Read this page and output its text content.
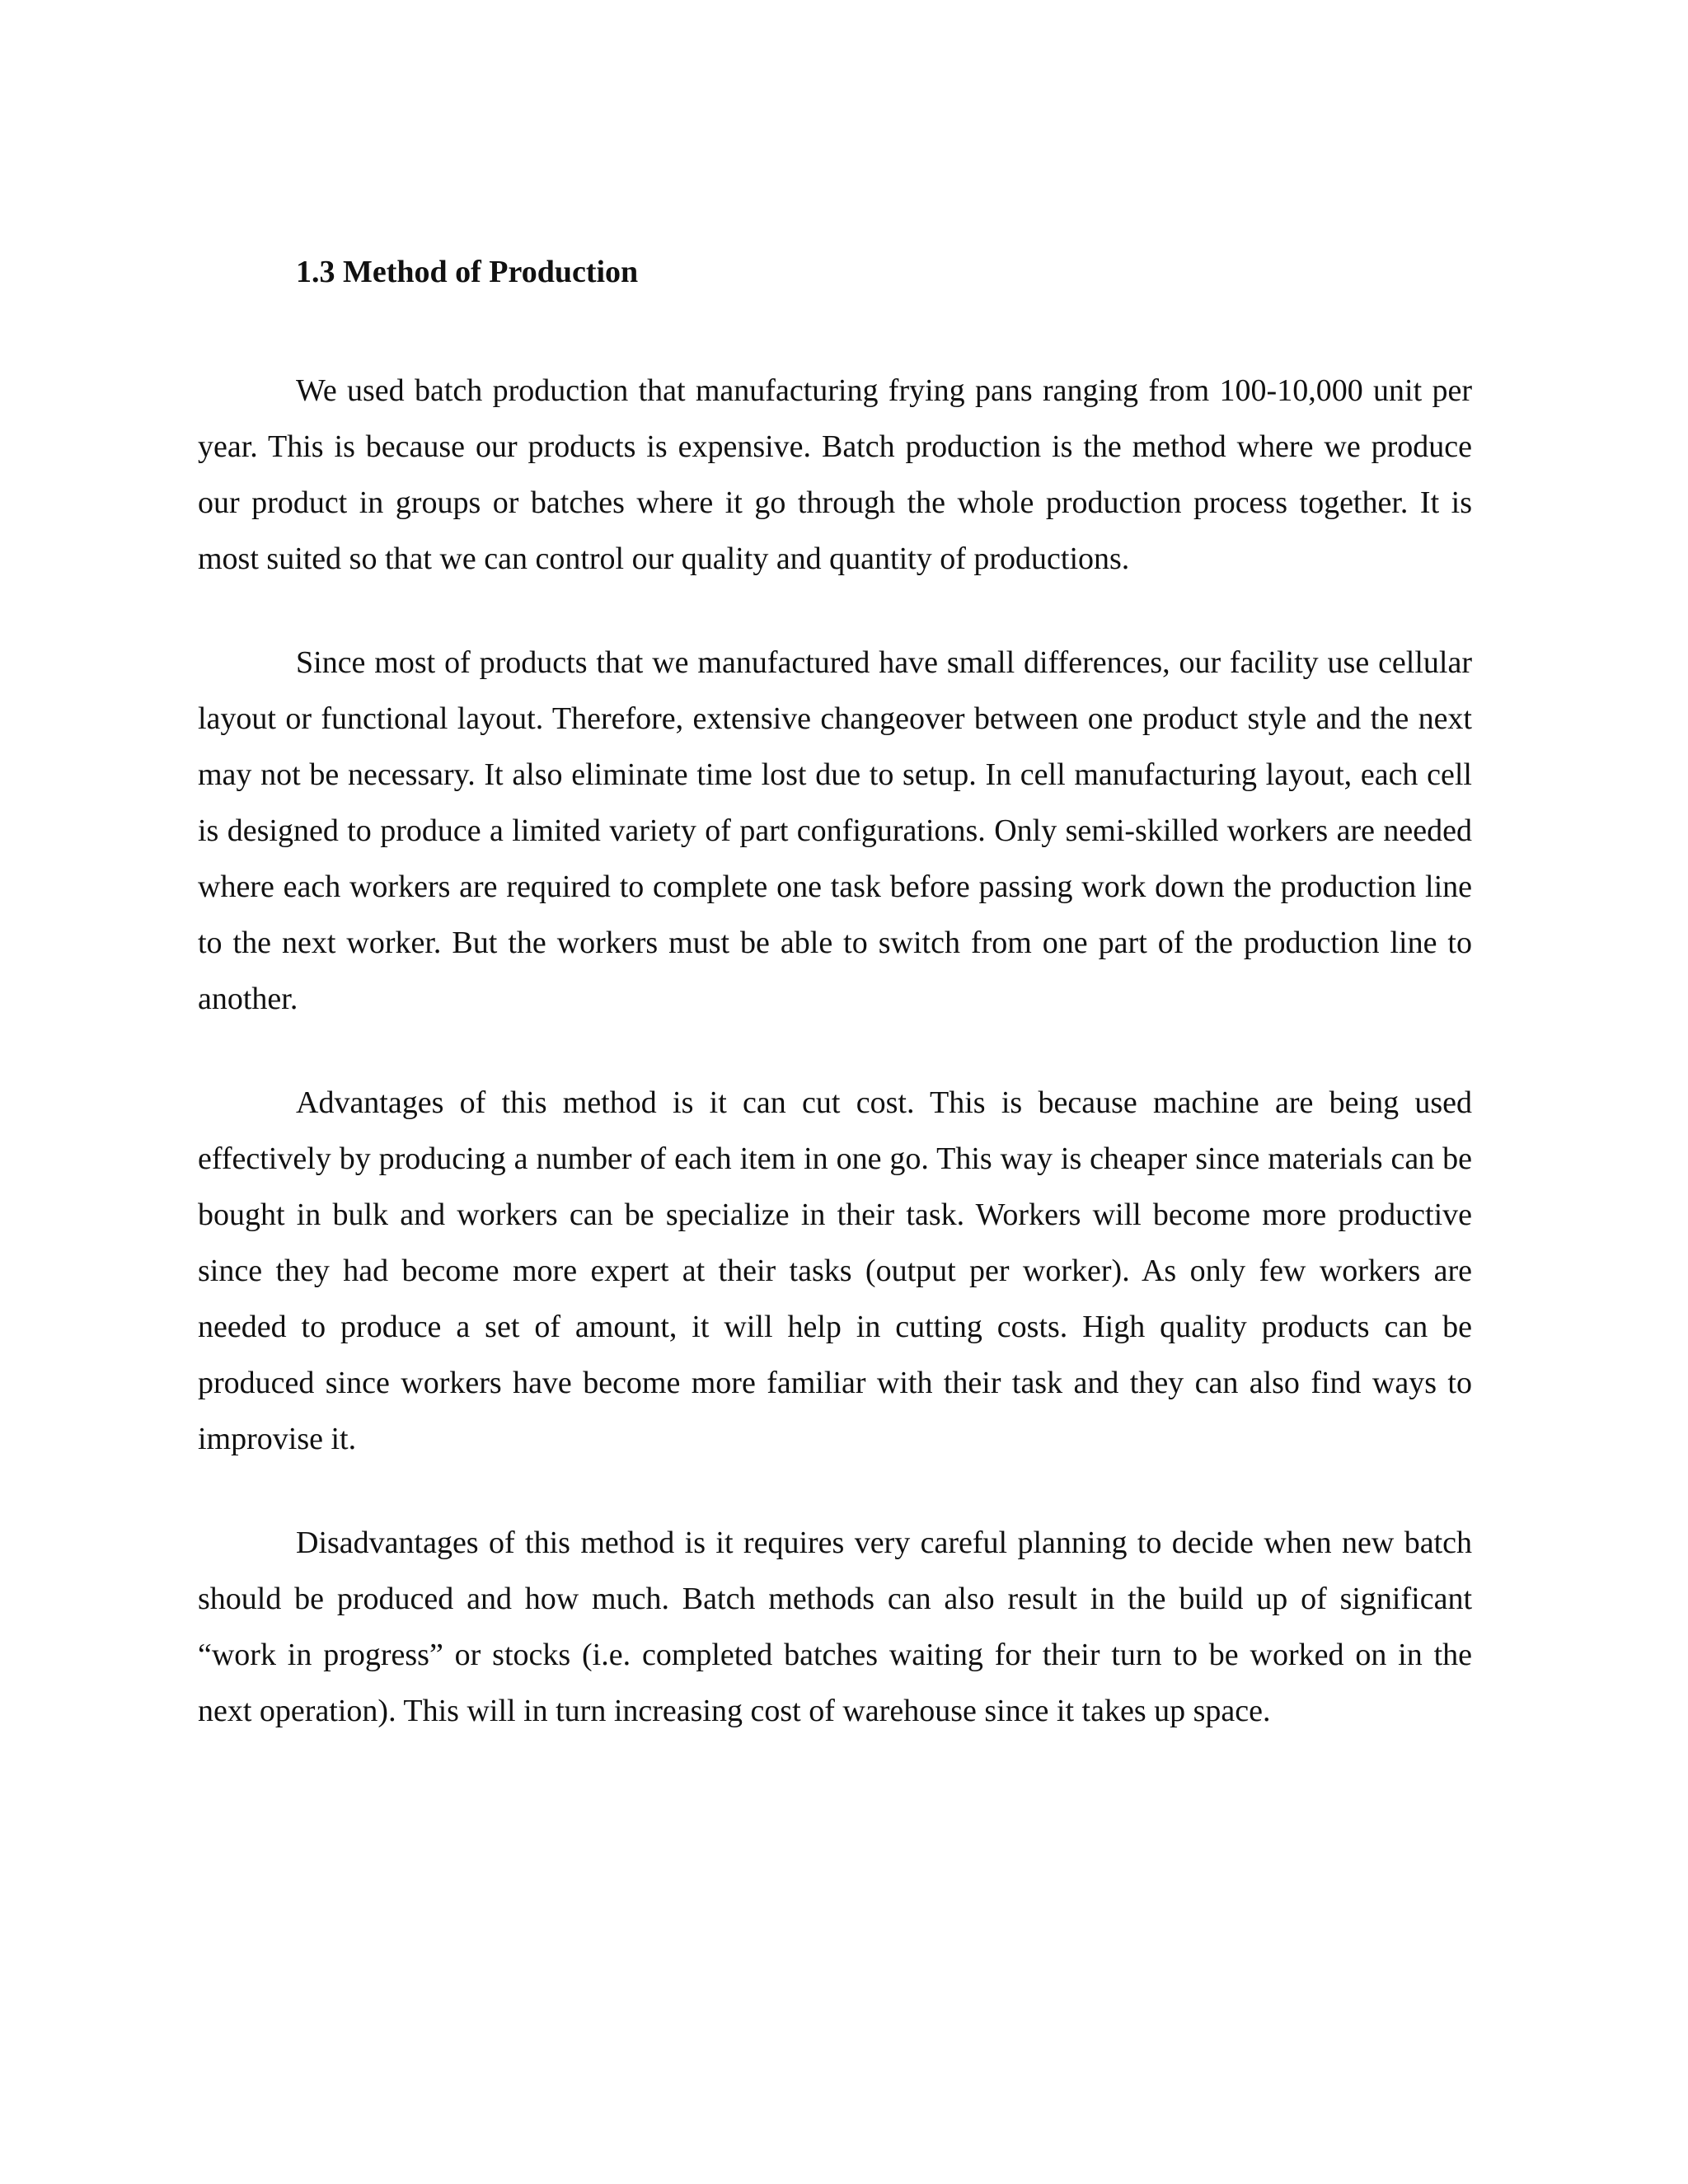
1.3 Method of Production

We used batch production that manufacturing frying pans ranging from 100-10,000 unit per year. This is because our products is expensive. Batch production is the method where we produce our product in groups or batches where it go through the whole production process together. It is most suited so that we can control our quality and quantity of productions.

Since most of products that we manufactured have small differences, our facility use cellular layout or functional layout. Therefore, extensive changeover between one product style and the next may not be necessary. It also eliminate time lost due to setup. In cell manufacturing layout, each cell is designed to produce a limited variety of part configurations. Only semi-skilled workers are needed where each workers are required to complete one task before passing work down the production line to the next worker. But the workers must be able to switch from one part of the production line to another.

Advantages of this method is it can cut cost. This is because machine are being used effectively by producing a number of each item in one go. This way is cheaper since materials can be bought in bulk and workers can be specialize in their task. Workers will become more productive since they had become more expert at their tasks (output per worker). As only few workers are needed to produce a set of amount, it will help in cutting costs. High quality products can be produced since workers have become more familiar with their task and they can also find ways to improvise it.

Disadvantages of this method is it requires very careful planning to decide when new batch should be produced and how much. Batch methods can also result in the build up of significant “work in progress” or stocks (i.e. completed batches waiting for their turn to be worked on in the next operation). This will in turn increasing cost of warehouse since it takes up space.
